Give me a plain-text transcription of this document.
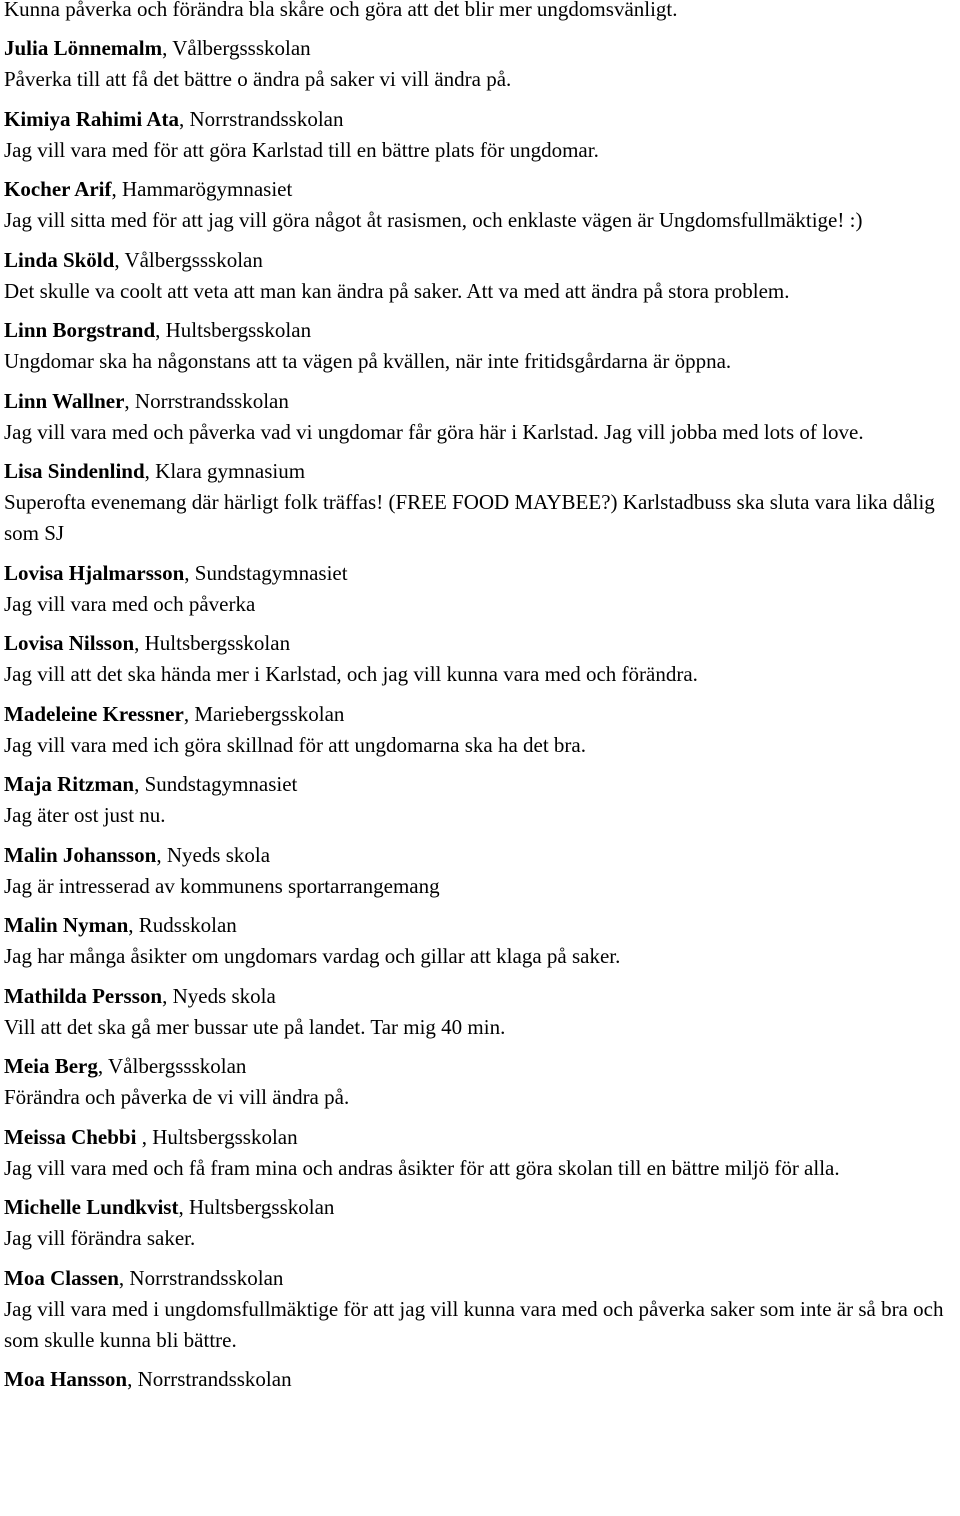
Kunna påverka och förändra bla skåre och göra att det blir mer ungdomsvänligt.

Julia Lönnemalm, Vålbergssskolan

Påverka till att få det bättre o ändra på saker vi vill ändra på.

Kimiya Rahimi Ata, Norrstrandsskolan

Jag vill vara med för att göra Karlstad till en bättre plats för ungdomar.

Kocher Arif, Hammarögymnasiet

Jag vill sitta med för att jag vill göra något åt rasismen, och enklaste vägen är Ungdomsfullmäktige! :)

Linda Sköld, Vålbergssskolan

Det skulle va coolt att veta att man kan ändra på saker. Att va med att ändra på stora problem.

Linn Borgstrand, Hultsbergsskolan

Ungdomar ska ha någonstans att ta vägen på kvällen, när inte fritidsgårdarna är öppna.

Linn Wallner, Norrstrandsskolan

Jag vill vara med och påverka vad vi ungdomar får göra här i Karlstad. Jag vill jobba med lots of love.

Lisa Sindenlind, Klara gymnasium

Superofta evenemang där härligt folk träffas! (FREE FOOD MAYBEE?) Karlstadbuss ska sluta vara lika dålig som SJ

Lovisa Hjalmarsson, Sundstagymnasiet

Jag vill vara med och påverka

Lovisa Nilsson, Hultsbergsskolan

Jag vill att det ska hända mer i Karlstad, och jag vill kunna vara med och förändra.

Madeleine Kressner, Mariebergsskolan

Jag vill vara med ich göra skillnad för att ungdomarna ska ha det bra.

Maja Ritzman, Sundstagymnasiet

Jag äter ost just nu.

Malin Johansson, Nyeds skola

Jag är intresserad av kommunens sportarrangemang

Malin Nyman, Rudsskolan

Jag har många åsikter om ungdomars vardag och gillar att klaga på saker.

Mathilda Persson, Nyeds skola

Vill att det ska gå mer bussar ute på landet. Tar mig 40 min.

Meia Berg, Vålbergssskolan

Förändra och påverka de vi vill ändra på.

Meissa Chebbi , Hultsbergsskolan

Jag vill vara med och få fram mina och andras åsikter för att göra skolan till en bättre miljö för alla.

Michelle Lundkvist, Hultsbergsskolan

Jag vill förändra saker.

Moa Classen, Norrstrandsskolan

Jag vill vara med i ungdomsfullmäktige för att jag vill kunna vara med och påverka saker som inte är så bra och som skulle kunna bli bättre.

Moa Hansson, Norrstrandsskolan
